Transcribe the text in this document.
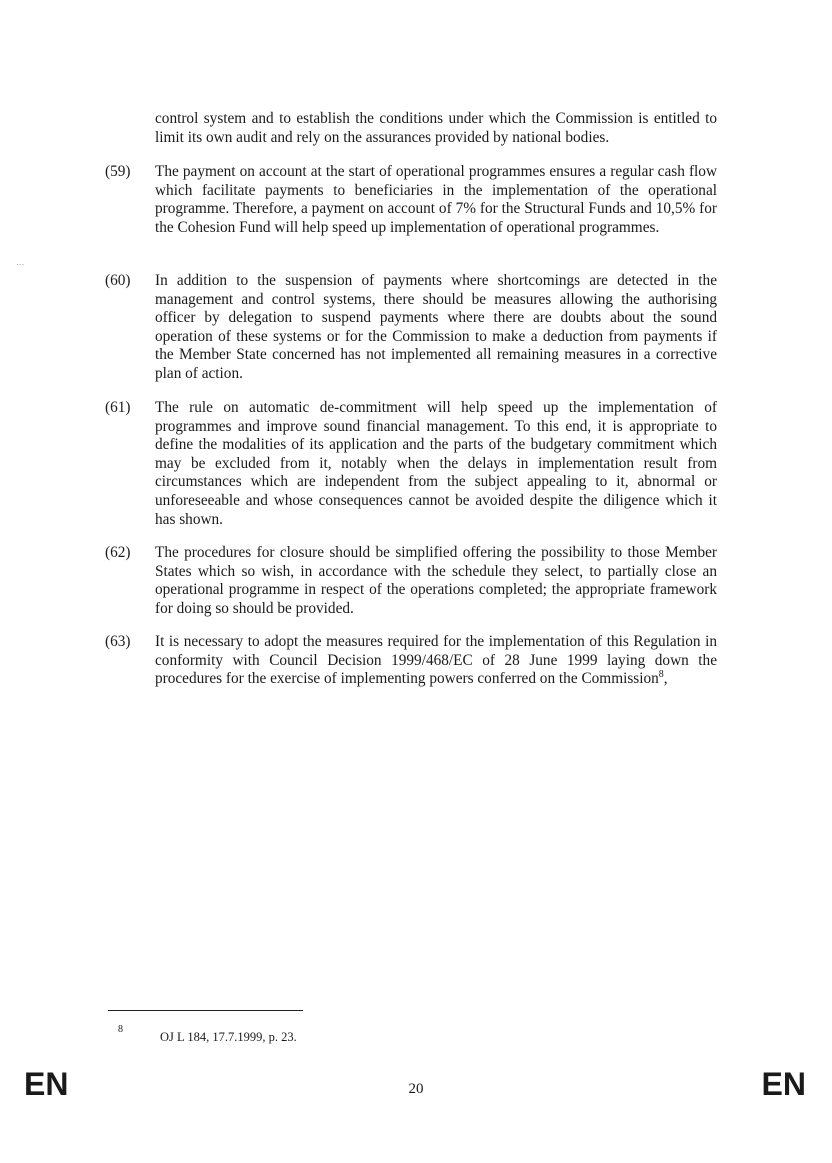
control system and to establish the conditions under which the Commission is entitled to limit its own audit and rely on the assurances provided by national bodies.

(59) The payment on account at the start of operational programmes ensures a regular cash flow which facilitate payments to beneficiaries in the implementation of the operational programme. Therefore, a payment on account of 7% for the Structural Funds and 10,5% for the Cohesion Fund will help speed up implementation of operational programmes.
(60) In addition to the suspension of payments where shortcomings are detected in the management and control systems, there should be measures allowing the authorising officer by delegation to suspend payments where there are doubts about the sound operation of these systems or for the Commission to make a deduction from payments if the Member State concerned has not implemented all remaining measures in a corrective plan of action.
(61) The rule on automatic de-commitment will help speed up the implementation of programmes and improve sound financial management. To this end, it is appropriate to define the modalities of its application and the parts of the budgetary commitment which may be excluded from it, notably when the delays in implementation result from circumstances which are independent from the subject appealing to it, abnormal or unforeseeable and whose consequences cannot be avoided despite the diligence which it has shown.
(62) The procedures for closure should be simplified offering the possibility to those Member States which so wish, in accordance with the schedule they select, to partially close an operational programme in respect of the operations completed; the appropriate framework for doing so should be provided.
(63) It is necessary to adopt the measures required for the implementation of this Regulation in conformity with Council Decision 1999/468/EC of 28 June 1999 laying down the procedures for the exercise of implementing powers conferred on the Commission$^8$,
8
OJ L 184, 17.7.1999, p. 23.
EN	20	EN
⋮
